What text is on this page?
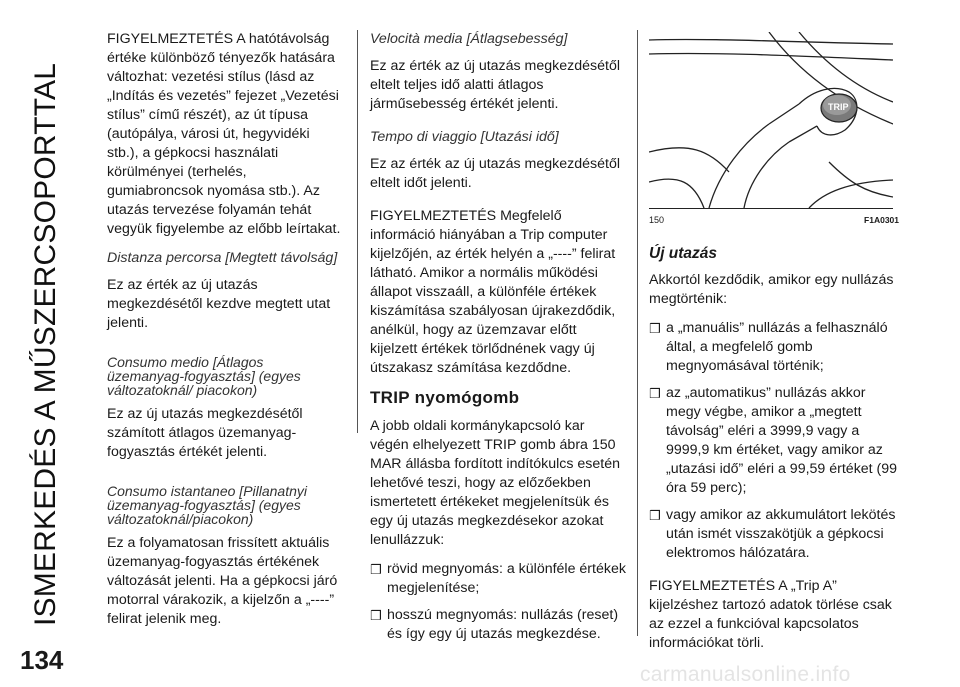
ISMERKEDÉS A MŰSZERCSOPORTTAL
134

FIGYELMEZTETÉS A hatótávolság értéke különböző tényezők hatására változhat: vezetési stílus (lásd az „Indítás és vezetés” fejezet „Vezetési stílus” című részét), az út típusa (autópálya, városi út, hegyvidéki stb.), a gépkocsi használati körülményei (terhelés, gumiabroncsok nyomása stb.). Az utazás tervezése folyamán tehát vegyük figyelembe az előbb leírtakat.

Distanza percorsa [Megtett távolság]

Ez az érték az új utazás megkezdésétől kezdve megtett utat jelenti.

Consumo medio [Átlagos üzemanyag-fogyasztás] (egyes változatoknál/ piacokon)

Ez az új utazás megkezdésétől számított átlagos üzemanyag-fogyasztás értékét jelenti.

Consumo istantaneo [Pillanatnyi üzemanyag-fogyasztás] (egyes változatoknál/piacokon)

Ez a folyamatosan frissített aktuális üzemanyag-fogyasztás értékének változását jelenti. Ha a gépkocsi járó motorral várakozik, a kijelzőn a „----” felirat jelenik meg.

Velocità media [Átlagsebesség]

Ez az érték az új utazás megkezdésétől eltelt teljes idő alatti átlagos járműsebesség értékét jelenti.

Tempo di viaggio [Utazási idő]

Ez az érték az új utazás megkezdésétől eltelt időt jelenti.

FIGYELMEZTETÉS Megfelelő információ hiányában a Trip computer kijelzőjén, az érték helyén a „----” felirat látható. Amikor a normális működési állapot visszaáll, a különféle értékek kiszámítása szabályosan újrakezdődik, anélkül, hogy az üzemzavar előtt kijelzett értékek törlődnének vagy új útszakasz számítása kezdődne.

TRIP nyomógomb

A jobb oldali kormánykapcsoló kar végén elhelyezett TRIP gomb ábra 150 MAR állásba fordított indítókulcs esetén lehetővé teszi, hogy az előzőekben ismertetett értékeket megjelenítsük és egy új utazás megkezdésekor azokat lenullázzuk:

❒ rövid megnyomás: a különféle értékek megjelenítése;
❒ hosszú megnyomás: nullázás (reset) és így egy új utazás megkezdése.
TRIP
150	F1A0301

Új utazás

Akkortól kezdődik, amikor egy nullázás megtörténik:

❒ a „manuális” nullázás a felhasználó által, a megfelelő gomb megnyomásával történik;
❒ az „automatikus” nullázás akkor megy végbe, amikor a „megtett távolság” eléri a 3999,9 vagy a 9999,9 km értéket, vagy amikor az „utazási idő” eléri a 99,59 értéket (99 óra 59 perc);
❒ vagy amikor az akkumulátort lekötés után ismét visszakötjük a gépkocsi elektromos hálózatára.

FIGYELMEZTETÉS A „Trip A” kijelzéshez tartozó adatok törlése csak az ezzel a funkcióval kapcsolatos információkat törli.

carmanualsonline.info
